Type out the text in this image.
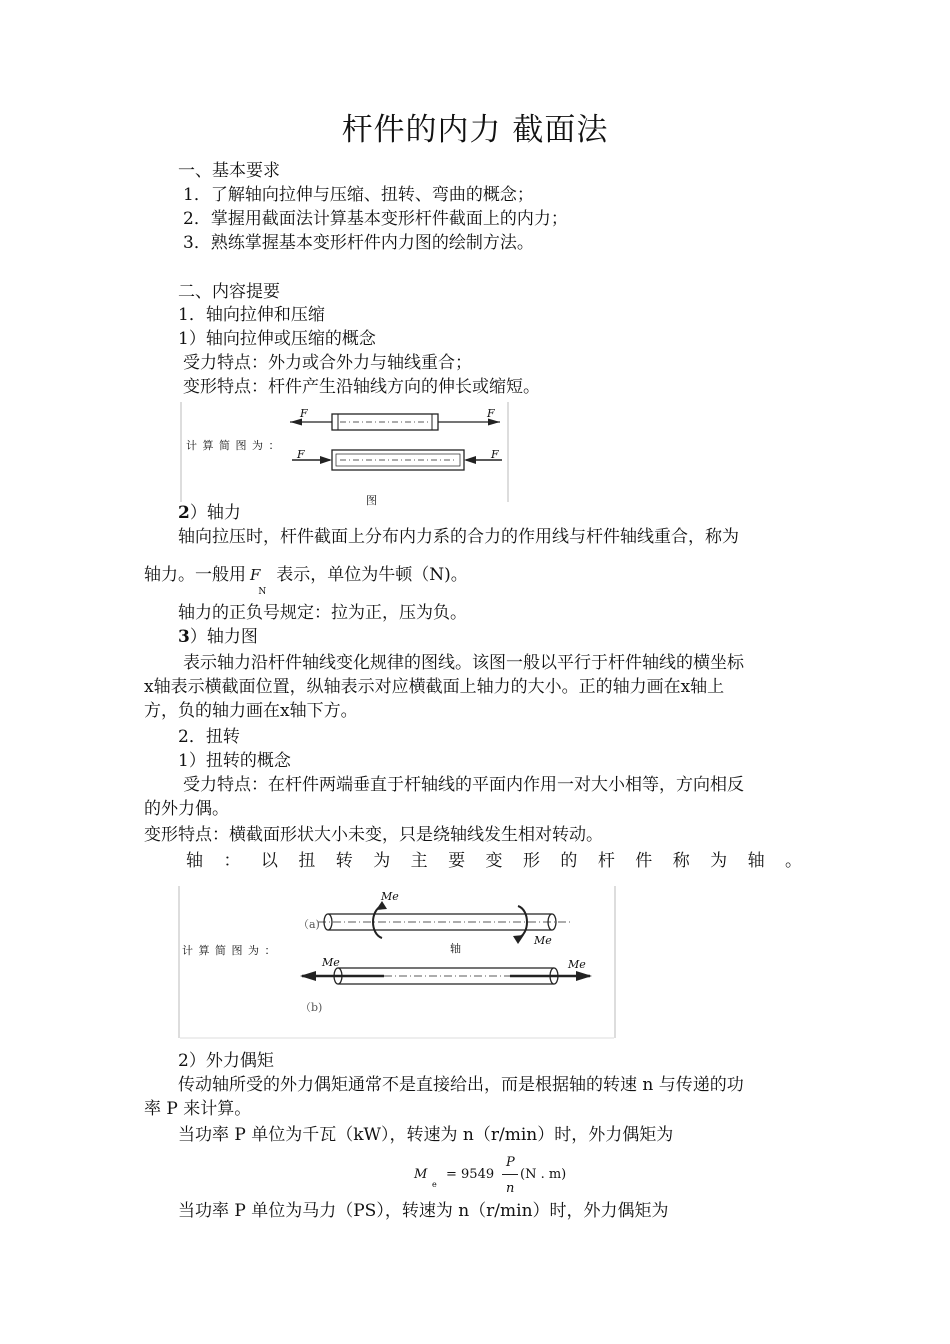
杆件的内力 截面法
一、基本要求
1．了解轴向拉伸与压缩、扭转、弯曲的概念；
2．掌握用截面法计算基本变形杆件截面上的内力；
3．熟练掌握基本变形杆件内力图的绘制方法。
二、内容提要
1．轴向拉伸和压缩
1）轴向拉伸或压缩的概念
受力特点：外力或合外力与轴线重合；
变形特点：杆件产生沿轴线方向的伸长或缩短。
计 算 简 图 为 ：
F	F
F	F
图
2）轴力
轴向拉压时，杆件截面上分布内力系的合力的作用线与杆件轴线重合，称为
轴力。一般用 $F_N$表示，单位为牛顿（N)。
轴力的正负号规定：拉为正，压为负。
3）轴力图
表示轴力沿杆件轴线变化规律的图线。该图一般以平行于杆件轴线的横坐标
x轴表示横截面位置，纵轴表示对应横截面上轴力的大小。正的轴力画在x轴上
方，负的轴力画在x轴下方。
2．扭转
1）扭转的概念
受力特点：在杆件两端垂直于杆轴线的平面内作用一对大小相等，方向相反
的外力偶。
变形特点：横截面形状大小未变，只是绕轴线发生相对转动。
轴 ： 以 扭 转 为 主 要 变 形 的 杆 件 称 为 轴 。
计 算 简 图 为 ：
（a)
（b)
轴
Me
Me
Me	Me
2）外力偶矩
传动轴所受的外力偶矩通常不是直接给出，而是根据轴的转速 n 与传递的功
率 P 来计算。
当功率 P 单位为千瓦（kW），转速为 n（r/min）时，外力偶矩为
M
e
= 9549
P
n
(N . m)
当功率 P 单位为马力（PS），转速为 n（r/min）时，外力偶矩为
